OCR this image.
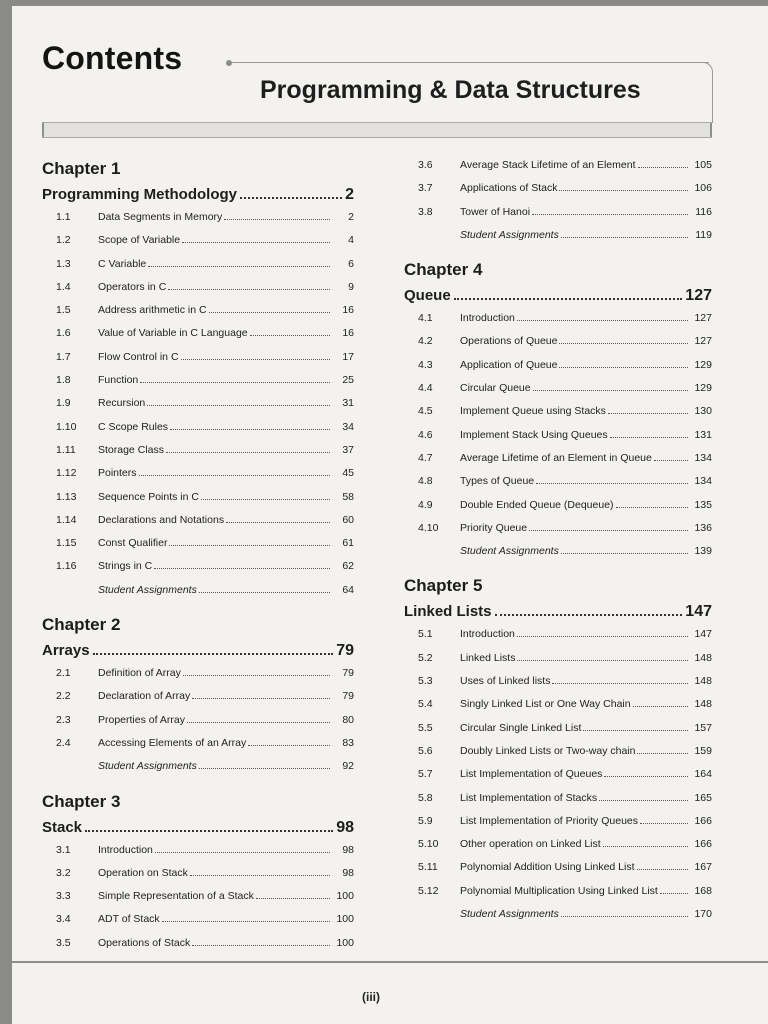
Contents
Programming & Data Structures
Chapter 1
Programming Methodology	2
1.1	Data Segments in Memory	2
1.2	Scope of Variable	4
1.3	C Variable	6
1.4	Operators in C	9
1.5	Address arithmetic in C	16
1.6	Value of Variable in C Language	16
1.7	Flow Control in C	17
1.8	Function	25
1.9	Recursion	31
1.10	C Scope Rules	34
1.11	Storage Class	37
1.12	Pointers	45
1.13	Sequence Points in C	58
1.14	Declarations and Notations	60
1.15	Const Qualifier	61
1.16	Strings in C	62
Student Assignments	64
Chapter 2
Arrays	79
2.1	Definition of Array	79
2.2	Declaration of Array	79
2.3	Properties of Array	80
2.4	Accessing Elements of an Array	83
Student Assignments	92
Chapter 3
Stack	98
3.1	Introduction	98
3.2	Operation on Stack	98
3.3	Simple Representation of a Stack	100
3.4	ADT of Stack	100
3.5	Operations of Stack	100
3.6	Average Stack Lifetime of an Element	105
3.7	Applications of Stack	106
3.8	Tower of Hanoi	116
Student Assignments	119
Chapter 4
Queue	127
4.1	Introduction	127
4.2	Operations of Queue	127
4.3	Application of Queue	129
4.4	Circular Queue	129
4.5	Implement Queue using Stacks	130
4.6	Implement Stack Using Queues	131
4.7	Average Lifetime of an Element in Queue	134
4.8	Types of Queue	134
4.9	Double Ended Queue (Dequeue)	135
4.10	Priority Queue	136
Student Assignments	139
Chapter 5
Linked Lists	147
5.1	Introduction	147
5.2	Linked Lists	148
5.3	Uses of Linked lists	148
5.4	Singly Linked List or One Way Chain	148
5.5	Circular Single Linked List	157
5.6	Doubly Linked Lists or Two-way chain	159
5.7	List Implementation of Queues	164
5.8	List Implementation of Stacks	165
5.9	List Implementation of Priority Queues	166
5.10	Other operation on Linked List	166
5.11	Polynomial Addition Using Linked List	167
5.12	Polynomial Multiplication Using Linked List	168
Student Assignments	170
(iii)
